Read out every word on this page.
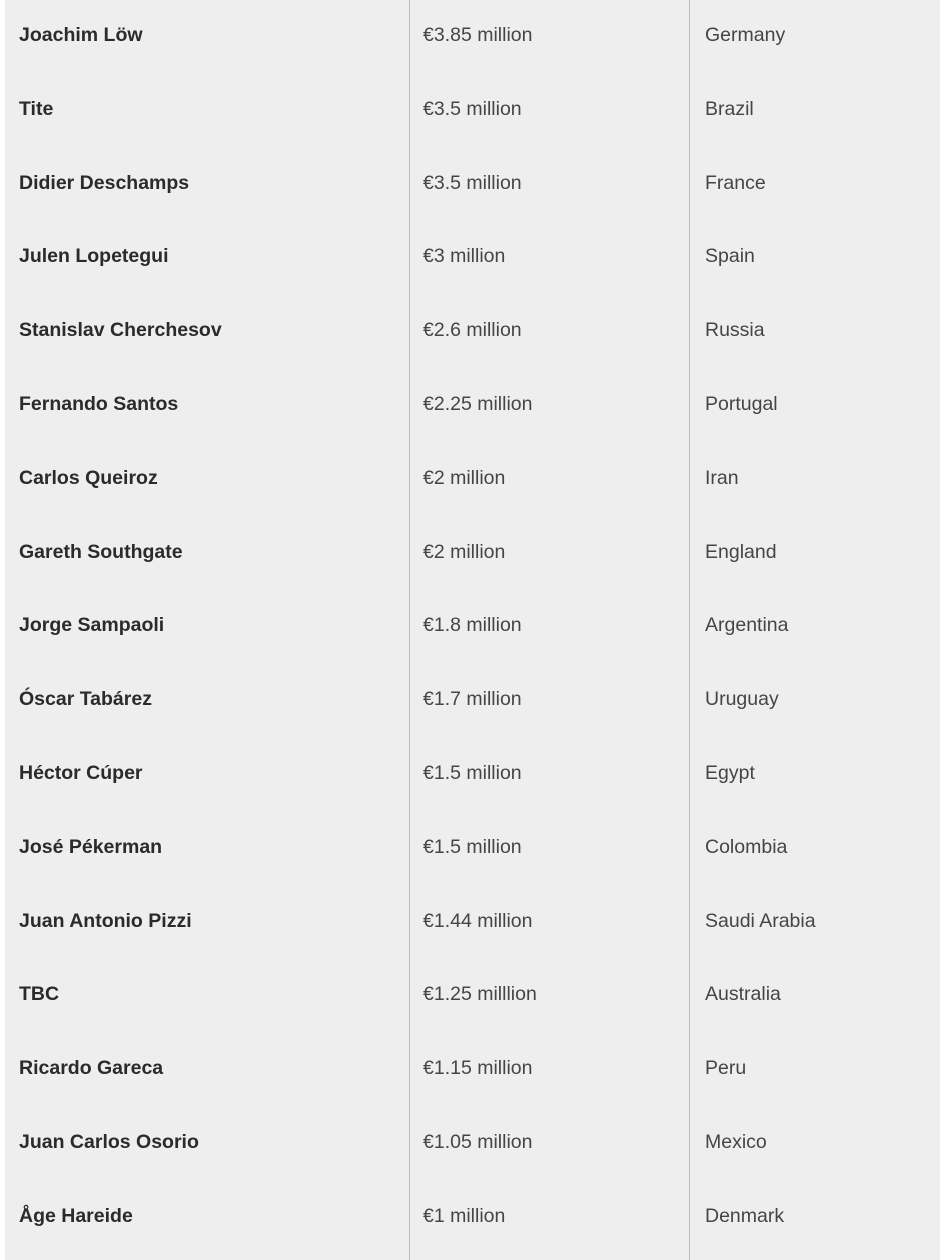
Joachim Löw	€3.85 million	Germany
Tite	€3.5 million	Brazil
Didier Deschamps	€3.5 million	France
Julen Lopetegui	€3 million	Spain
Stanislav Cherchesov	€2.6 million	Russia
Fernando Santos	€2.25 million	Portugal
Carlos Queiroz	€2 million	Iran
Gareth Southgate	€2 million	England
Jorge Sampaoli	€1.8 million	Argentina
Óscar Tabárez	€1.7 million	Uruguay
Héctor Cúper	€1.5 million	Egypt
José Pékerman	€1.5 million	Colombia
Juan Antonio Pizzi	€1.44 million	Saudi Arabia
TBC	€1.25 milllion	Australia
Ricardo Gareca	€1.15 million	Peru
Juan Carlos Osorio	€1.05 million	Mexico
Åge Hareide	€1 million	Denmark
